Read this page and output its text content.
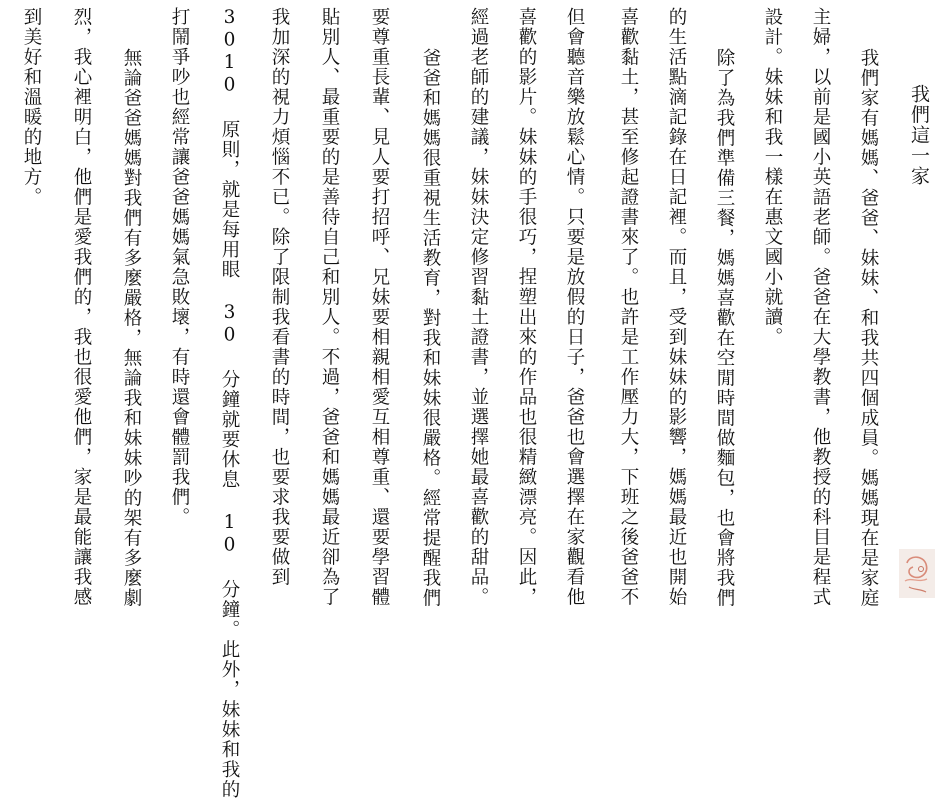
我們這一家
我們家有媽媽、爸爸、妹妹、和我共四個成員。媽媽現在是家庭
主婦，以前是國小英語老師。爸爸在大學教書，他教授的科目是程式
設計。妹妹和我一樣在惠文國小就讀。
除了為我們準備三餐，媽媽喜歡在空閒時間做麵包，也會將我們
的生活點滴記錄在日記裡。而且，受到妹妹的影響，媽媽最近也開始
喜歡黏土，甚至修起證書來了。也許是工作壓力大，下班之後爸爸不
但會聽音樂放鬆心情。只要是放假的日子，爸爸也會選擇在家觀看他
喜歡的影片。妹妹的手很巧，捏塑出來的作品也很精緻漂亮。因此，
經過老師的建議，妹妹決定修習黏土證書，並選擇她最喜歡的甜品。
爸爸和媽媽很重視生活教育，對我和妹妹很嚴格。經常提醒我們
要尊重長輩、見人要打招呼、兄妹要相親相愛互相尊重、還要學習體
貼別人、最重要的是善待自己和別人。不過，爸爸和媽媽最近卻為了
我加深的視力煩惱不已。除了限制我看書的時間，也要求我要做到
3010 原則，就是每用眼 30 分鐘就要休息 10 分鐘。此外，妹妹和我的
打鬧爭吵也經常讓爸爸媽媽氣急敗壞，有時還會體罰我們。
無論爸爸媽媽對我們有多麼嚴格，無論我和妹妹吵的架有多麼劇
烈，我心裡明白，他們是愛我們的，我也很愛他們，家是最能讓我感
到美好和溫暖的地方。
